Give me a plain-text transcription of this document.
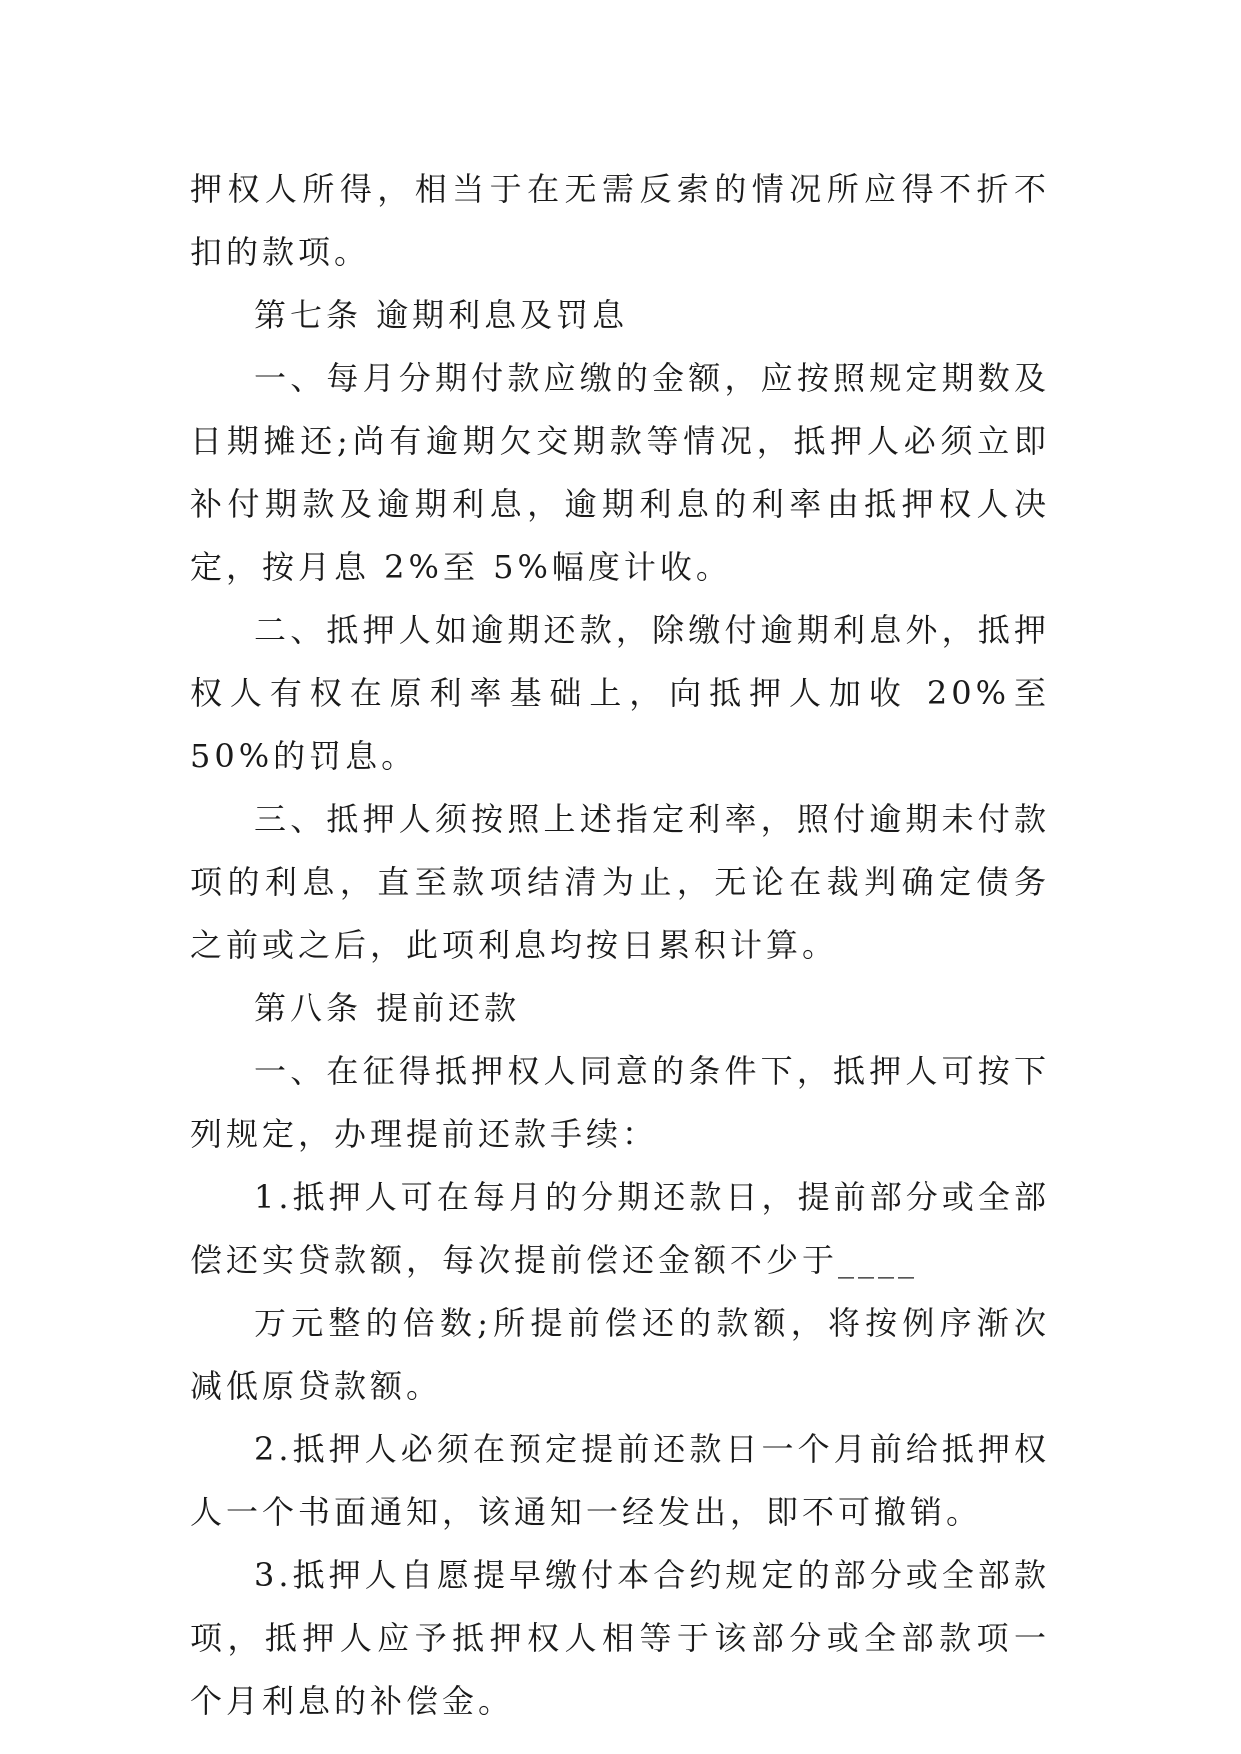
押权人所得，相当于在无需反索的情况所应得不折不扣的款项。

第七条 逾期利息及罚息

一、每月分期付款应缴的金额，应按照规定期数及日期摊还;尚有逾期欠交期款等情况，抵押人必须立即补付期款及逾期利息，逾期利息的利率由抵押权人决定，按月息 2%至 5%幅度计收。

二、抵押人如逾期还款，除缴付逾期利息外，抵押权人有权在原利率基础上，向抵押人加收 20%至 50%的罚息。

三、抵押人须按照上述指定利率，照付逾期未付款项的利息，直至款项结清为止，无论在裁判确定债务之前或之后，此项利息均按日累积计算。

第八条 提前还款

一、在征得抵押权人同意的条件下，抵押人可按下列规定，办理提前还款手续：

1.抵押人可在每月的分期还款日，提前部分或全部偿还实贷款额，每次提前偿还金额不少于____

万元整的倍数;所提前偿还的款额，将按例序渐次减低原贷款额。

2.抵押人必须在预定提前还款日一个月前给抵押权人一个书面通知，该通知一经发出，即不可撤销。

3.抵押人自愿提早缴付本合约规定的部分或全部款项，抵押人应予抵押权人相等于该部分或全部款项一个月利息的补偿金。
